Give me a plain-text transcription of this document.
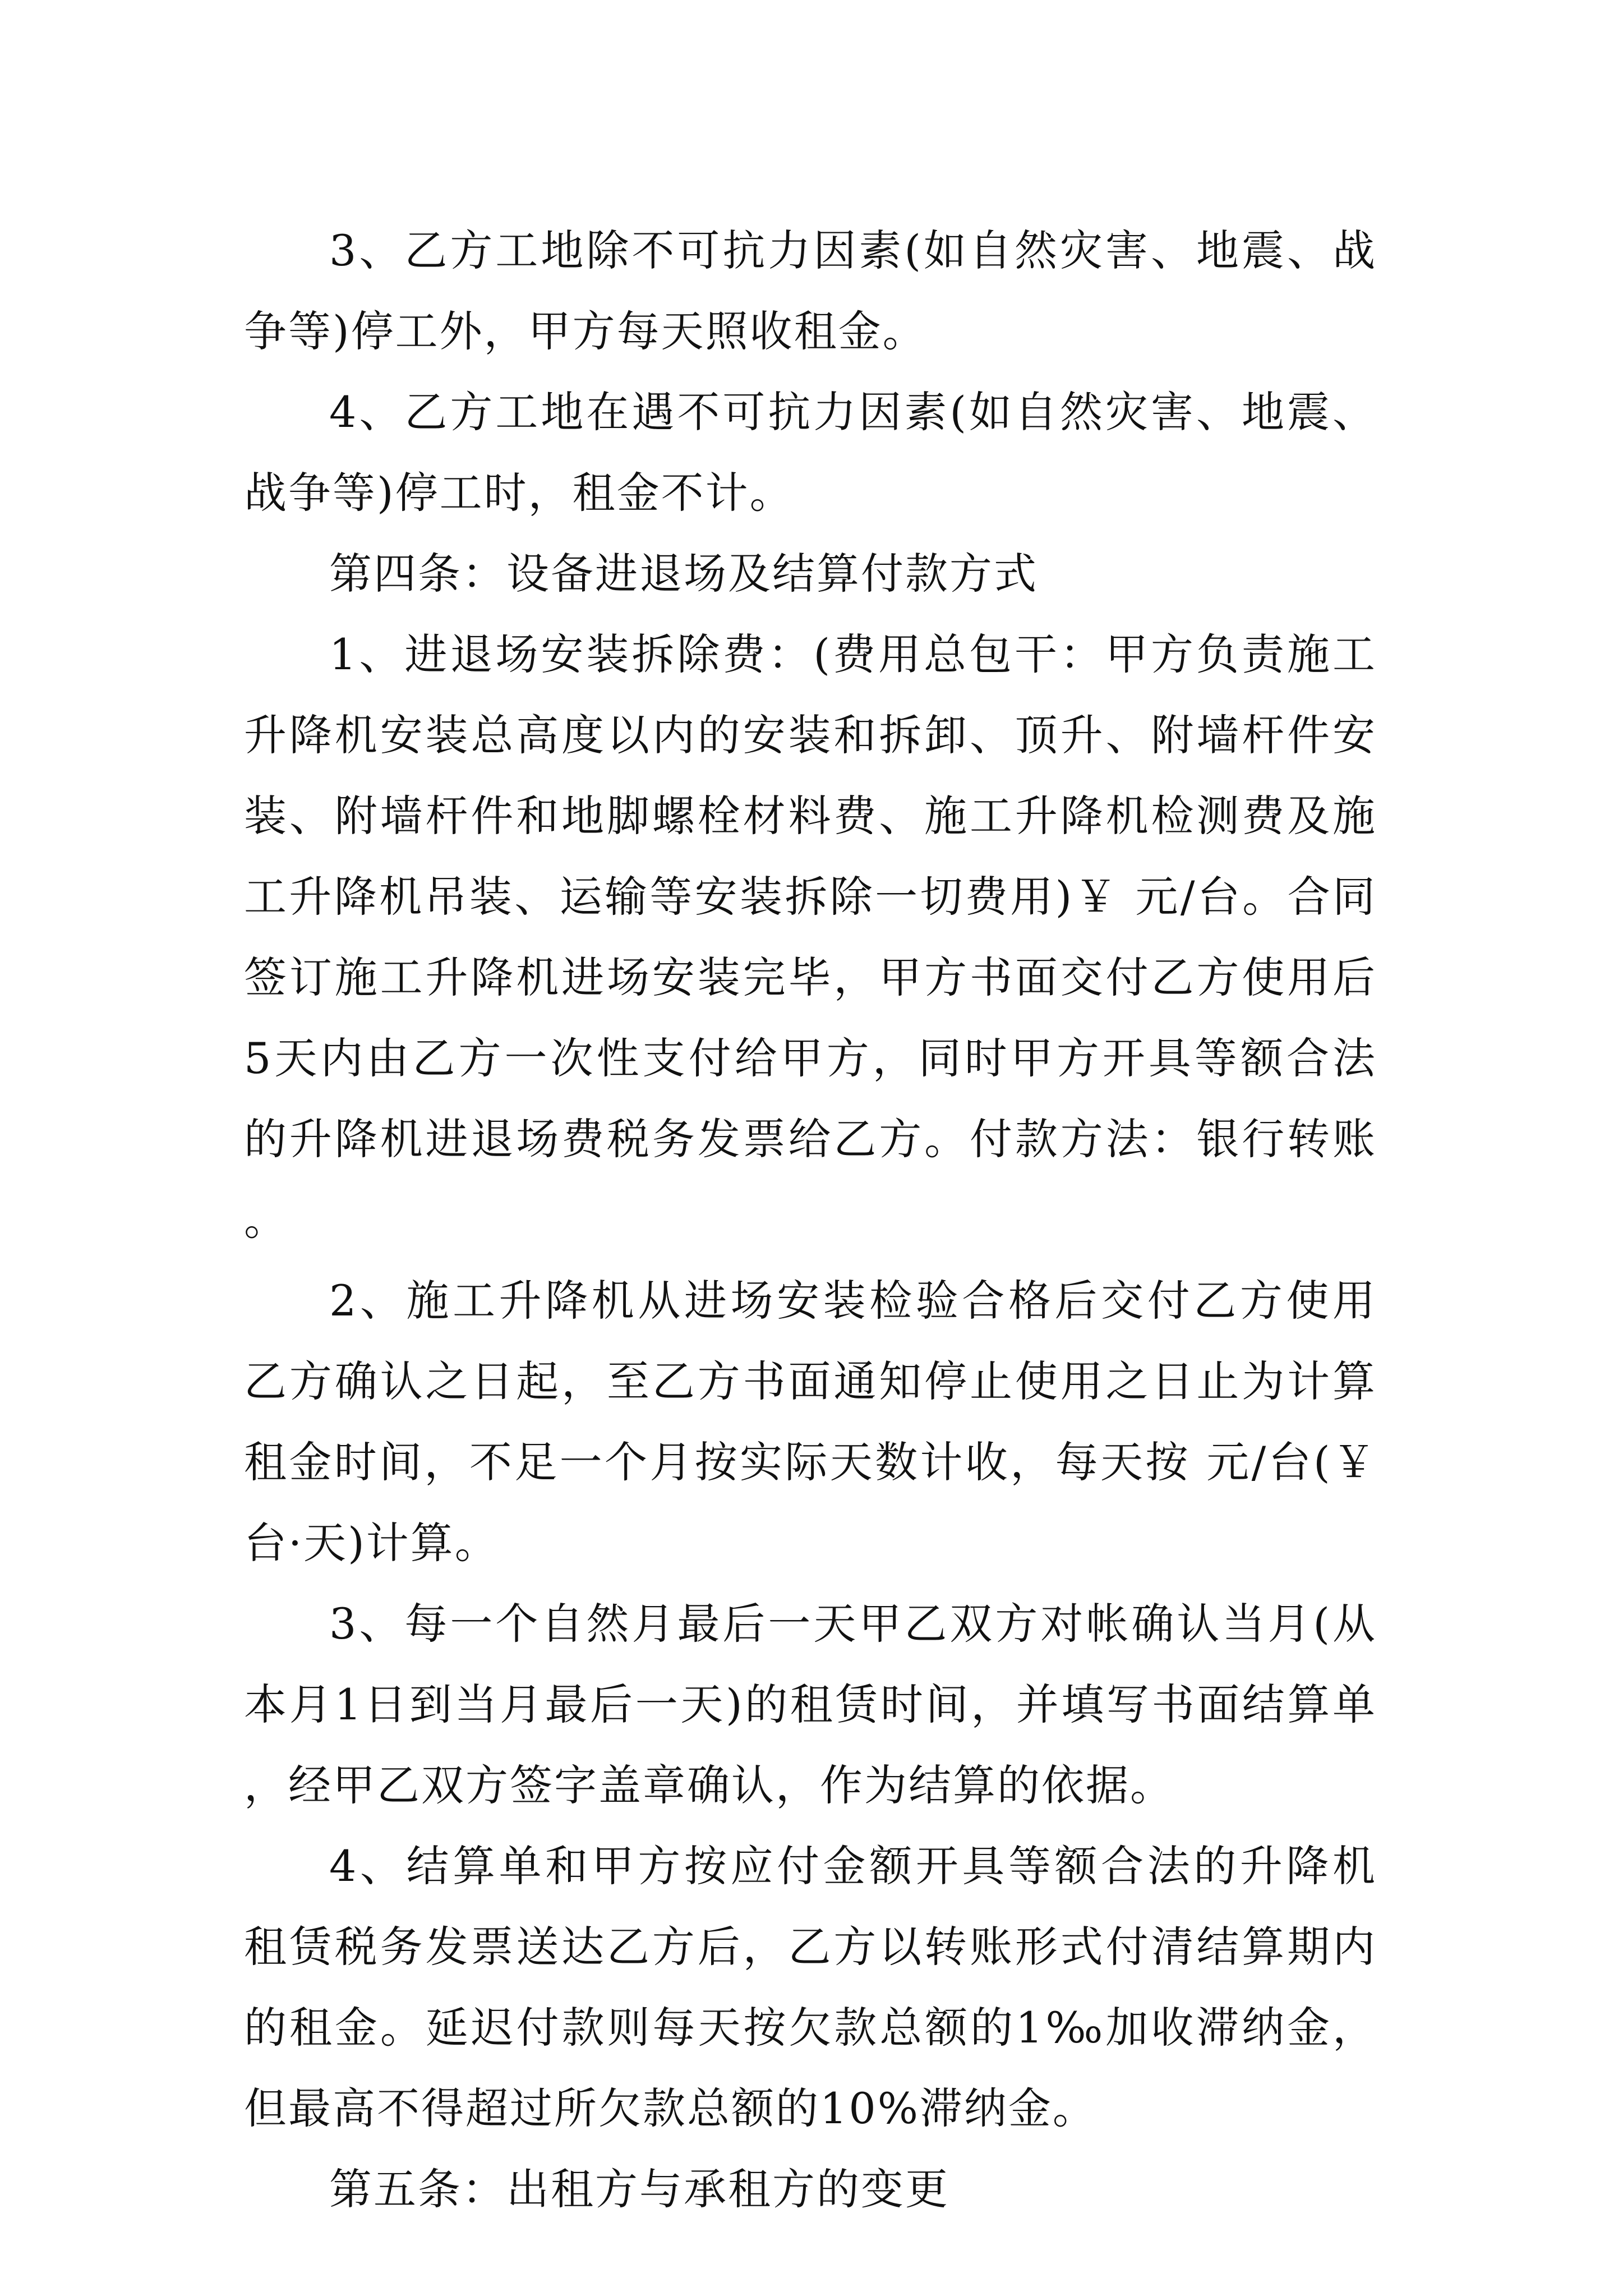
3、乙方工地除不可抗力因素(如自然灾害、地震、战争等)停工外，甲方每天照收租金。

4、乙方工地在遇不可抗力因素(如自然灾害、地震、战争等)停工时，租金不计。

第四条：设备进退场及结算付款方式

1、进退场安装拆除费：(费用总包干：甲方负责施工升降机安装总高度以内的安装和拆卸、顶升、附墙杆件安装、附墙杆件和地脚螺栓材料费、施工升降机检测费及施工升降机吊装、运输等安装拆除一切费用)￥ 元/台。合同签订施工升降机进场安装完毕，甲方书面交付乙方使用后5天内由乙方一次性支付给甲方，同时甲方开具等额合法的升降机进退场费税务发票给乙方。付款方法：银行转账。

2、施工升降机从进场安装检验合格后交付乙方使用乙方确认之日起，至乙方书面通知停止使用之日止为计算租金时间，不足一个月按实际天数计收，每天按 元/台(￥ 台·天)计算。

3、每一个自然月最后一天甲乙双方对帐确认当月(从本月1日到当月最后一天)的租赁时间，并填写书面结算单，经甲乙双方签字盖章确认，作为结算的依据。

4、结算单和甲方按应付金额开具等额合法的升降机租赁税务发票送达乙方后，乙方以转账形式付清结算期内的租金。延迟付款则每天按欠款总额的1‰加收滞纳金，但最高不得超过所欠款总额的10%滞纳金。

第五条：出租方与承租方的变更
